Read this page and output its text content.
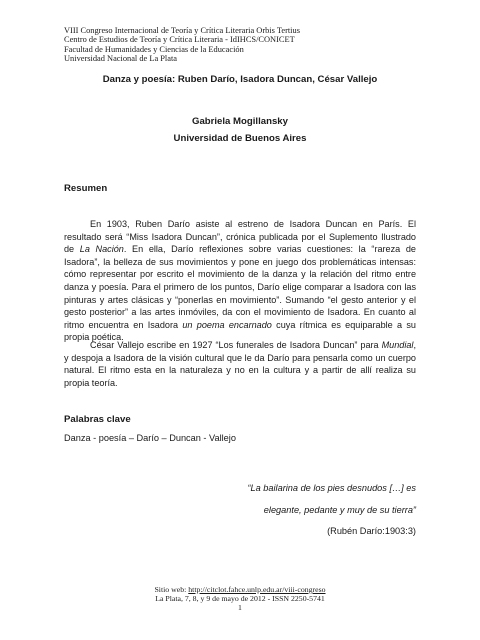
VIII Congreso Internacional de Teoría y Crítica Literaria Orbis Tertius
Centro de Estudios de Teoría y Crítica Literaria - IdIHCS/CONICET
Facultad de Humanidades y Ciencias de la Educación
Universidad Nacional de La Plata
Danza y poesía: Ruben Darío, Isadora Duncan, César Vallejo
Gabriela Mogillansky
Universidad de Buenos Aires
Resumen

En 1903, Ruben Darío asiste al estreno de Isadora Duncan en París. El resultado será “Miss Isadora Duncan”, crónica publicada por el Suplemento Ilustrado de La Nación. En ella, Darío reflexiones sobre varias cuestiones: la “rareza de Isadora”, la belleza de sus movimientos y pone en juego dos problemáticas intensas: cómo representar por escrito el movimiento de la danza y la relación del ritmo entre danza y poesía. Para el primero de los puntos, Darío elige comparar a Isadora con las pinturas y artes clásicas y “ponerlas en movimiento”. Sumando “el gesto anterior y el gesto posterior” a las artes inmóviles, da con el movimiento de Isadora. En cuanto al ritmo encuentra en Isadora un poema encarnado cuya rítmica es equiparable a su propia poética.

César Vallejo escribe en 1927 “Los funerales de Isadora Duncan” para Mundial, y despoja a Isadora de la visión cultural que le da Darío para pensarla como un cuerpo natural. El ritmo esta en la naturaleza y no en la cultura y a partir de allí realiza su propia teoría.

Palabras clave
Danza - poesía – Darío – Duncan - Vallejo
“La bailarina de los pies desnudos […] es
elegante, pedante y muy de su tierra”
(Rubén Darío:1903:3)
Sitio web: http://citclot.fahce.unlp.edu.ar/viii-congreso
La Plata, 7, 8, y 9 de mayo de 2012 - ISSN 2250-5741
1
